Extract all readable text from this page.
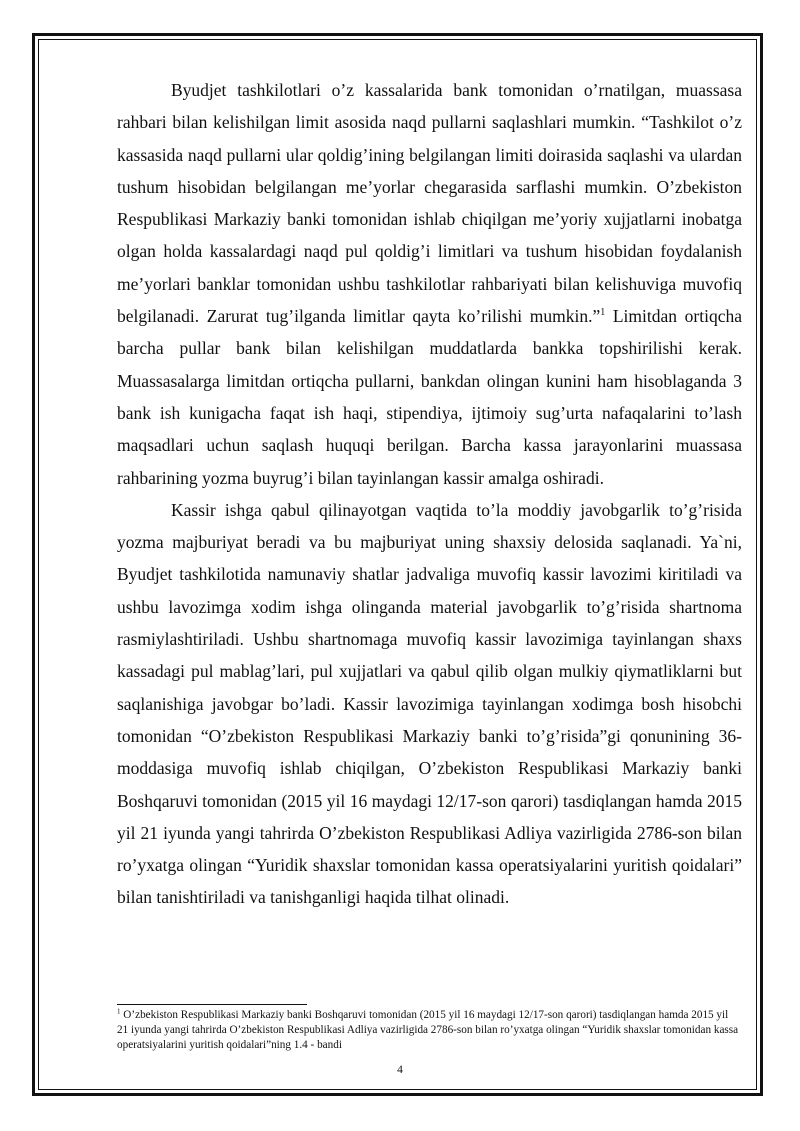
Byudjet tashkilotlari o’z kassalarida bank tomonidan o’rnatilgan, muassasa rahbari bilan kelishilgan limit asosida naqd pullarni saqlashlari mumkin. “Tashkilot o’z kassasida naqd pullarni ular qoldig’ining belgilangan limiti doirasida saqlashi va ulardan tushum hisobidan belgilangan me’yorlar chegarasida sarflashi mumkin. O’zbekiston Respublikasi Markaziy banki tomonidan ishlab chiqilgan me’yoriy xujjatlarni inobatga olgan holda kassalardagi naqd pul qoldig’i limitlari va tushum hisobidan foydalanish me’yorlari banklar tomonidan ushbu tashkilotlar rahbariyati bilan kelishuviga muvofiq belgilanadi. Zarurat tug’ilganda limitlar qayta ko’rilishi mumkin.”$^1$ Limitdan ortiqcha barcha pullar bank bilan kelishilgan muddatlarda bankka topshirilishi kerak. Muassasalarga limitdan ortiqcha pullarni, bankdan olingan kunini ham hisoblaganda 3 bank ish kunigacha faqat ish haqi, stipendiya, ijtimoiy sug’urta nafaqalarini to’lash maqsadlari uchun saqlash huquqi berilgan. Barcha kassa jarayonlarini muassasa rahbarining yozma buyrug’i bilan tayinlangan kassir amalga oshiradi.

Kassir ishga qabul qilinayotgan vaqtida to’la moddiy javobgarlik to’g’risida yozma majburiyat beradi va bu majburiyat uning shaxsiy delosida saqlanadi. Ya`ni, Byudjet tashkilotida namunaviy shatlar jadvaliga muvofiq kassir lavozimi kiritiladi va ushbu lavozimga xodim ishga olinganda material javobgarlik to’g’risida shartnoma rasmiylashtiriladi. Ushbu shartnomaga muvofiq kassir lavozimiga tayinlangan shaxs kassadagi pul mablag’lari, pul xujjatlari va qabul qilib olgan mulkiy qiymatliklarni but saqlanishiga javobgar bo’ladi. Kassir lavozimiga tayinlangan xodimga bosh hisobchi tomonidan “O’zbekiston Respublikasi Markaziy banki to’g’risida”gi qonunining 36-moddasiga muvofiq ishlab chiqilgan, O’zbekiston Respublikasi Markaziy banki Boshqaruvi tomonidan (2015 yil 16 maydagi 12/17-son qarori) tasdiqlangan hamda 2015 yil 21 iyunda yangi tahrirda O’zbekiston Respublikasi Adliya vazirligida 2786-son bilan ro’yxatga olingan “Yuridik shaxslar tomonidan kassa operatsiyalarini yuritish qoidalari” bilan tanishtiriladi va tanishganligi haqida tilhat olinadi.

$^1$ O’zbekiston Respublikasi Markaziy banki Boshqaruvi tomonidan (2015 yil 16 maydagi 12/17-son qarori) tasdiqlangan hamda 2015 yil 21 iyunda yangi tahrirda O’zbekiston Respublikasi Adliya vazirligida 2786-son bilan ro’yxatga olingan “Yuridik shaxslar tomonidan kassa operatsiyalarini yuritish qoidalari”ning 1.4 - bandi
4
